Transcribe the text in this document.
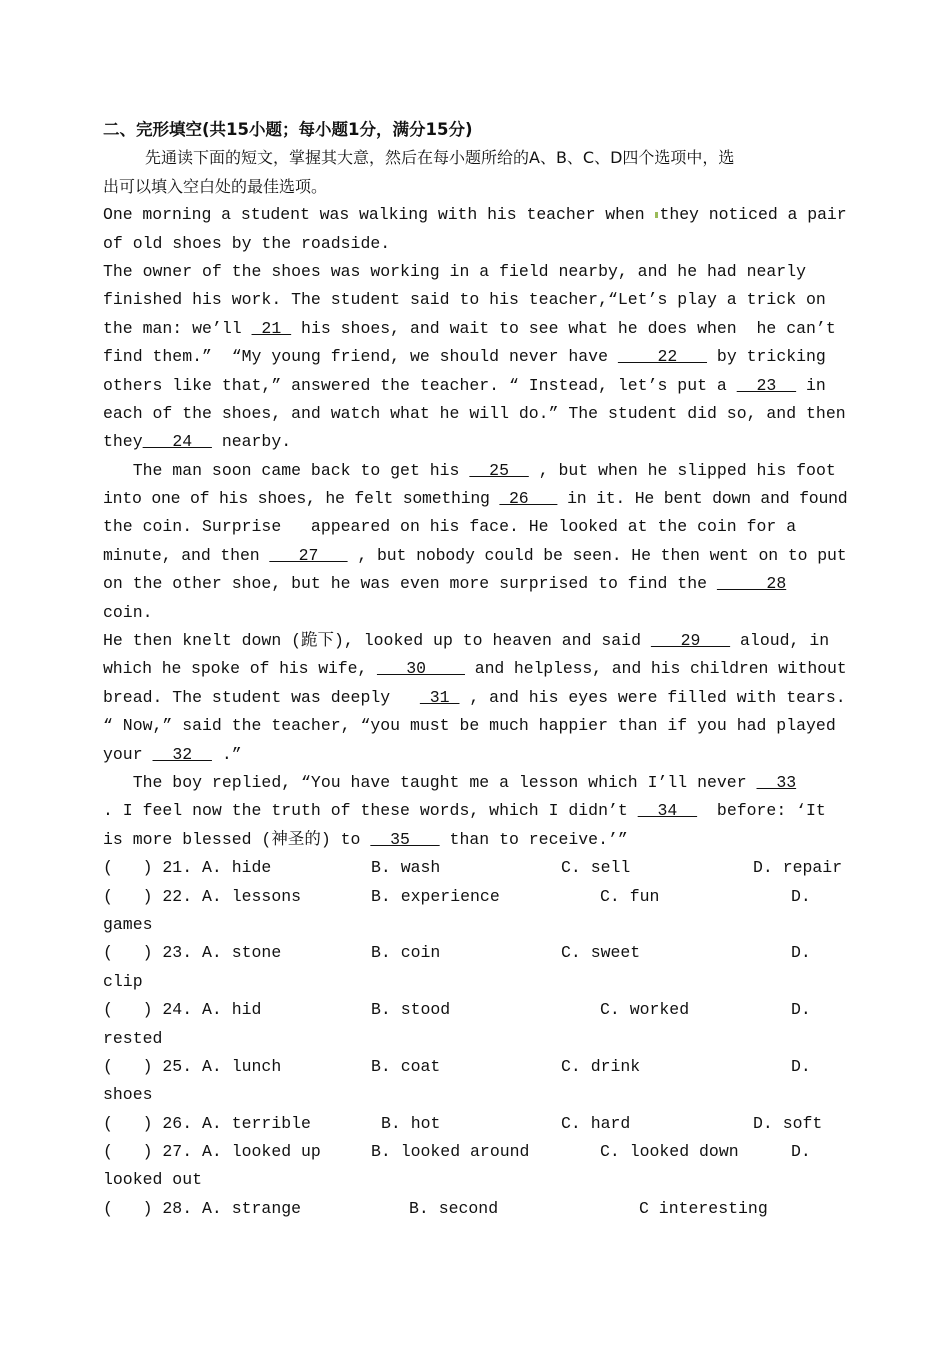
二、完形填空(共15小题；每小题1分，满分15分)

先通读下面的短文，掌握其大意，然后在每小题所给的A、B、C、D四个选项中，选

出可以填入空白处的最佳选项。

One morning a student was walking with his teacher when they noticed a pair

of old shoes by the roadside.

The owner of the shoes was working in a field nearby, and he had nearly

finished his work. The student said to his teacher,“Let’s play a trick on

the man: we’ll  21  his shoes, and wait to see what he does when  he can’t

find them.”  “My young friend, we should never have     22    by tricking

others like that,” answered the teacher. “ Instead, let’s put a   23   in

each of the shoes, and watch what he will do.” The student did so, and then

they   24   nearby.

The man soon came back to get his   25   , but when he slipped his foot

into one of his shoes, he felt something  26    in it. He bent down and found

the coin. Surprise   appeared on his face. He looked at the coin for a

minute, and then    27    , but nobody could be seen. He then went on to put

on the other shoe, but he was even more surprised to find the      28

coin.

He then knelt down (跪下), looked up to heaven and said    29    aloud, in

which he spoke of his wife,    30     and helpless, and his children without

bread. The student was deeply    31  , and his eyes were filled with tears.

“ Now,” said the teacher, “you must be much happier than if you had played

your   32   .”

The boy replied, “You have taught me a lesson which I’ll never   33

. I feel now the truth of these words, which I didn’t   34    before: ‘It

is more blessed (神圣的) to   35    than to receive.’”

(   ) 21. A. hide

	B. wash

	C. sell

	D. repair

(   ) 22. A. lessons

	B. experience

	C. fun

	D.

games

(   ) 23. A. stone

	B. coin

	C. sweet

	D.

clip

(   ) 24. A. hid

	B. stood

	C. worked

	D.

rested

(   ) 25. A. lunch

	B. coat

	C. drink

	D.

shoes

(   ) 26. A. terrible

	B. hot

	C. hard

	D. soft

(   ) 27. A. looked up

	B. looked around

	C. looked down

	D.

looked out

(   ) 28. A. strange

	B. second

	C interesting
